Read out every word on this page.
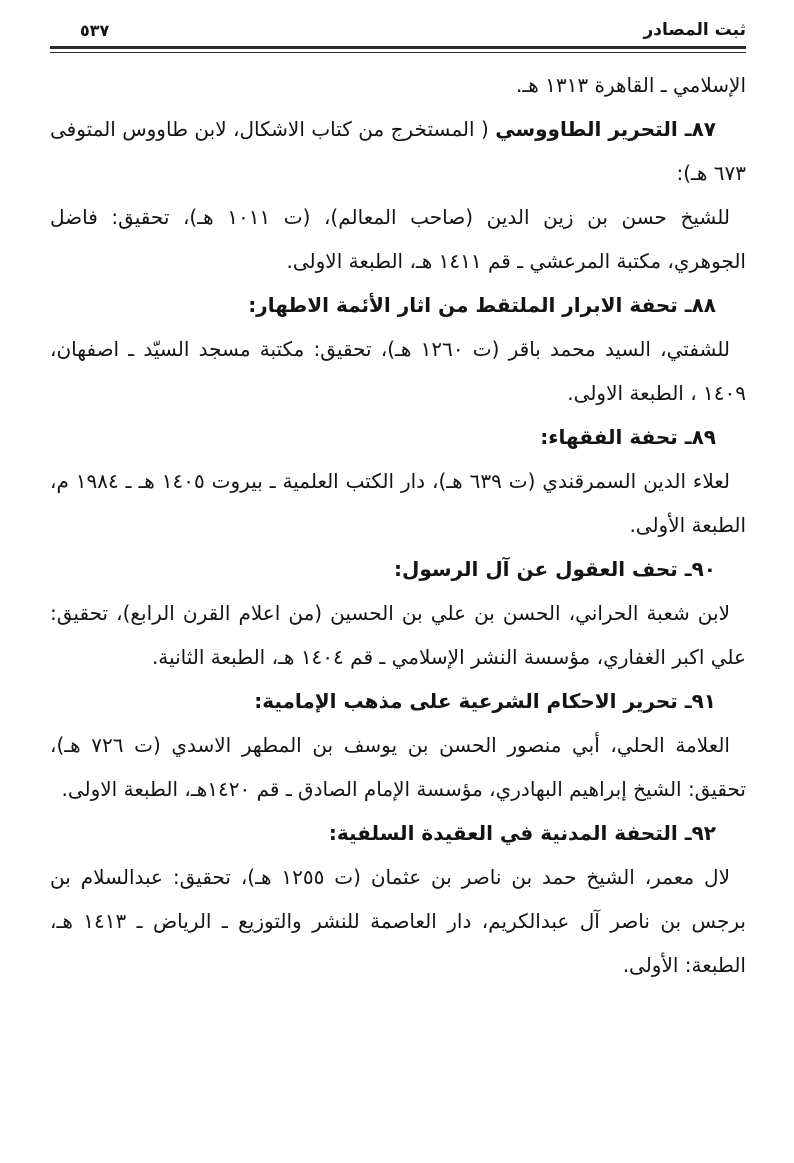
ثبت المصادر
٥٣٧

الإسلامي ـ القاهرة ١٣١٣ هـ.

٨٧ـ التحرير الطاووسي ( المستخرج من كتاب الاشكال، لابن طاووس المتوفى ٦٧٣ هـ):

للشيخ حسن بن زين الدين (صاحب المعالم)، (ت ١٠١١ هـ)، تحقيق: فاضل الجوهري، مكتبة المرعشي ـ قم ١٤١١ هـ، الطبعة الاولى.

٨٨ـ تحفة الابرار الملتقط من اثار الأئمة الاطهار:

للشفتي، السيد محمد باقر (ت ١٢٦٠ هـ)، تحقيق: مكتبة مسجد السيّد ـ اصفهان، ١٤٠٩ ، الطبعة الاولى.

٨٩ـ تحفة الفقهاء:

لعلاء الدين السمرقندي (ت ٦٣٩ هـ)، دار الكتب العلمية ـ بيروت ١٤٠٥ هـ ـ ١٩٨٤ م، الطبعة الأولى.

٩٠ـ تحف العقول عن آل الرسول:

لابن شعبة الحراني، الحسن بن علي بن الحسين (من اعلام القرن الرابع)، تحقيق: علي اكبر الغفاري، مؤسسة النشر الإسلامي ـ قم ١٤٠٤ هـ، الطبعة الثانية.

٩١ـ تحرير الاحكام الشرعية على مذهب الإمامية:

العلامة الحلي، أبي منصور الحسن بن يوسف بن المطهر الاسدي (ت ٧٢٦ هـ)، تحقيق: الشيخ إبراهيم البهادري، مؤسسة الإمام الصادق ـ قم ١٤٢٠هـ، الطبعة الاولى.

٩٢ـ التحفة المدنية في العقيدة السلفية:

لال معمر، الشيخ حمد بن ناصر بن عثمان (ت ١٢٥٥ هـ)، تحقيق: عبدالسلام بن برجس بن ناصر آل عبدالكريم، دار العاصمة للنشر والتوزيع ـ الرياض ـ ١٤١٣ هـ، الطبعة: الأولى.
